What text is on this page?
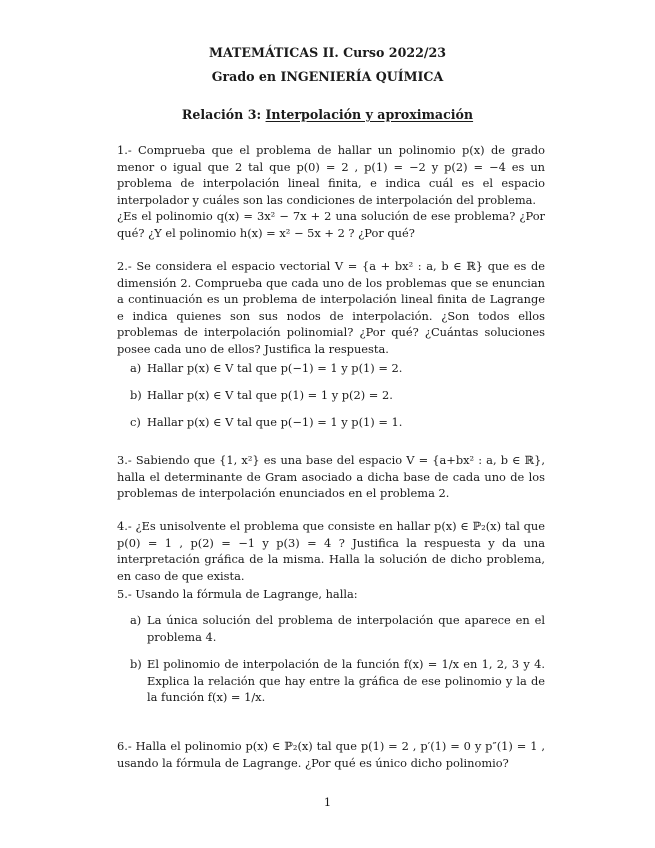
MATEMÁTICAS II. Curso 2022/23
Grado en INGENIERÍA QUÍMICA
Relación 3: Interpolación y aproximación

1.- Comprueba que el problema de hallar un polinomio p(x) de grado menor o igual que 2 tal que p(0) = 2 , p(1) = −2 y p(2) = −4 es un problema de interpolación lineal finita, e indica cuál es el espacio interpolador y cuáles son las condiciones de interpolación del problema.

¿Es el polinomio q(x) = 3x² − 7x + 2 una solución de ese problema? ¿Por qué? ¿Y el polinomio h(x) = x² − 5x + 2 ? ¿Por qué?

2.- Se considera el espacio vectorial V = {a + bx² : a, b ∈ ℝ} que es de dimensión 2. Comprueba que cada uno de los problemas que se enuncian a continuación es un problema de interpolación lineal finita de Lagrange e indica quienes son sus nodos de interpolación. ¿Son todos ellos problemas de interpolación polinomial? ¿Por qué? ¿Cuántas soluciones posee cada uno de ellos? Justifica la respuesta.

a) Hallar p(x) ∈ V tal que p(−1) = 1 y p(1) = 2.
b) Hallar p(x) ∈ V tal que p(1) = 1 y p(2) = 2.
c) Hallar p(x) ∈ V tal que p(−1) = 1 y p(1) = 1.

3.- Sabiendo que {1, x²} es una base del espacio V = {a+bx² : a, b ∈ ℝ}, halla el determinante de Gram asociado a dicha base de cada uno de los problemas de interpolación enunciados en el problema 2.

4.- ¿Es unisolvente el problema que consiste en hallar p(x) ∈ ℙ₂(x) tal que p(0) = 1 , p(2) = −1 y p(3) = 4 ? Justifica la respuesta y da una interpretación gráfica de la misma. Halla la solución de dicho problema, en caso de que exista.

5.- Usando la fórmula de Lagrange, halla:

a) La única solución del problema de interpolación que aparece en el problema 4.
b) El polinomio de interpolación de la función f(x) = 1/x en 1, 2, 3 y 4. Explica la relación que hay entre la gráfica de ese polinomio y la de la función f(x) = 1/x.

6.- Halla el polinomio p(x) ∈ ℙ₂(x) tal que p(1) = 2 , p′(1) = 0 y p″(1) = 1 , usando la fórmula de Lagrange. ¿Por qué es único dicho polinomio?

1
